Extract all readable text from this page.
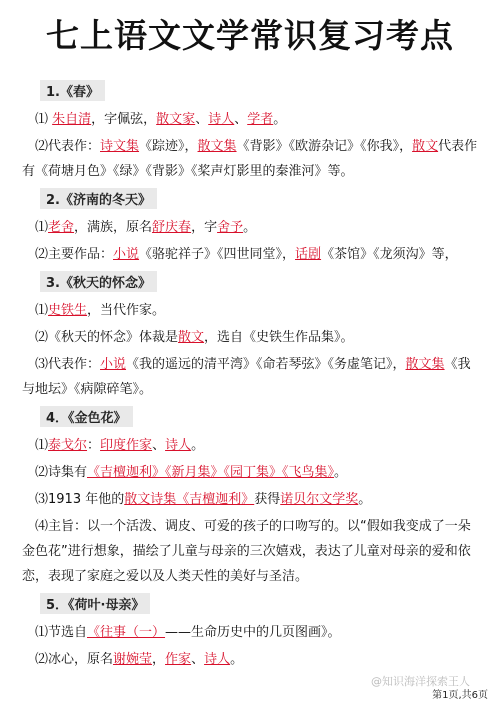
七上语文文学常识复习考点
1.《春》
⑴ 朱自清，字佩弦，散文家、诗人、学者。
⑵代表作：诗文集《踪迹》，散文集《背影》《欧游杂记》《你我》，散文代表作有《荷塘月色》《绿》《背影》《桨声灯影里的秦淮河》等。
2.《济南的冬天》
⑴老舍，满族，原名舒庆春，字舍予。
⑵主要作品：小说《骆驼祥子》《四世同堂》，话剧《茶馆》《龙须沟》等，
3.《秋天的怀念》
⑴史铁生，当代作家。
⑵《秋天的怀念》体裁是散文，选自《史铁生作品集》。
⑶代表作：小说《我的遥远的清平湾》《命若琴弦》《务虚笔记》，散文集《我与地坛》《病隙碎笔》。
4．《金色花》
⑴泰戈尔：印度作家、诗人。
⑵诗集有《吉檀迦利》《新月集》《园丁集》《飞鸟集》。
⑶1913 年他的散文诗集《吉檀迦利》获得诺贝尔文学奖。
⑷主旨：以一个活泼、调皮、可爱的孩子的口吻写的。以“假如我变成了一朵金色花”进行想象，描绘了儿童与母亲的三次嬉戏，表达了儿童对母亲的爱和依恋，表现了家庭之爱以及人类天性的美好与圣洁。
5．《荷叶·母亲》
⑴节选自《往事（一）——生命历史中的几页图画》。
⑵冰心，原名谢婉莹，作家、诗人。
@知识海洋探索王人
第1页,共6页
